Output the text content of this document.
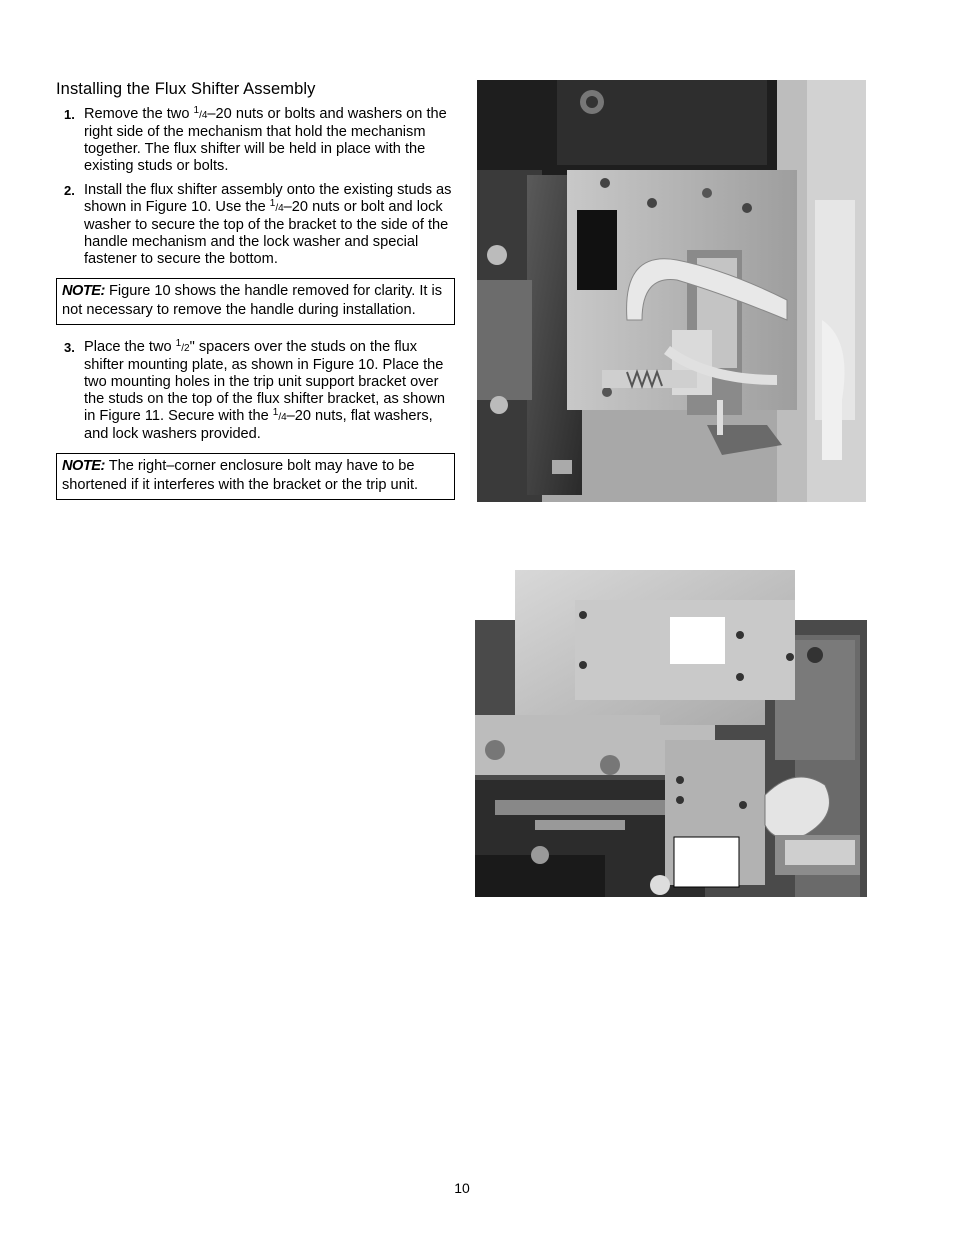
Installing the Flux Shifter Assembly
1. Remove the two $^1$/4–20 nuts or bolts and washers on the right side of the mechanism that hold the mechanism together. The flux shifter will be held in place with the existing studs or bolts.
2. Install the flux shifter assembly onto the existing studs as shown in Figure 10. Use the $^1$/4–20 nuts or bolt and lock washer to secure the top of the bracket to the side of the handle mechanism and the lock washer and special fastener to secure the bottom.
NOTE: Figure 10 shows the handle removed for clarity. It is not necessary to remove the handle during installation.
3. Place the two $^1$/2" spacers over the studs on the flux shifter mounting plate, as shown in Figure 10. Place the two mounting holes in the trip unit support bracket over the studs on the top of the flux shifter bracket, as shown in Figure 11. Secure with the $^1$/4–20 nuts, flat washers, and lock washers provided.
NOTE: The right–corner enclosure bolt may have to be shortened if it interferes with the bracket or the trip unit.
10
